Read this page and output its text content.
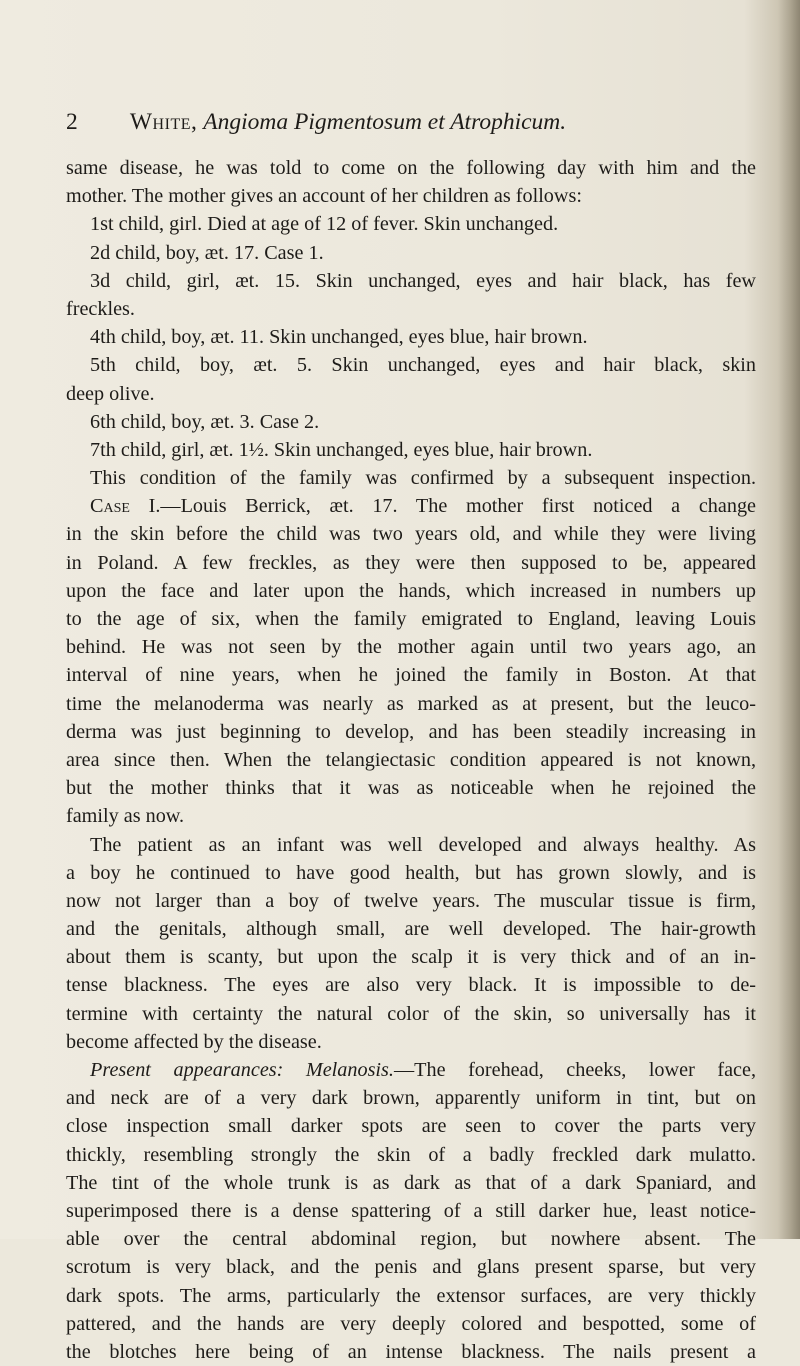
2 White, Angioma Pigmentosum et Atrophicum.
same disease, he was told to come on the following day with him and the
mother. The mother gives an account of her children as follows:
1st child, girl. Died at age of 12 of fever. Skin unchanged.
2d child, boy, æt. 17. Case 1.
3d child, girl, æt. 15. Skin unchanged, eyes and hair black, has few
freckles.
4th child, boy, æt. 11. Skin unchanged, eyes blue, hair brown.
5th child, boy, æt. 5. Skin unchanged, eyes and hair black, skin
deep olive.
6th child, boy, æt. 3. Case 2.
7th child, girl, æt. 1½. Skin unchanged, eyes blue, hair brown.
This condition of the family was confirmed by a subsequent inspection.
Case I.—Louis Berrick, æt. 17. The mother first noticed a change
in the skin before the child was two years old, and while they were living
in Poland. A few freckles, as they were then supposed to be, appeared
upon the face and later upon the hands, which increased in numbers up
to the age of six, when the family emigrated to England, leaving Louis
behind. He was not seen by the mother again until two years ago, an
interval of nine years, when he joined the family in Boston. At that
time the melanoderma was nearly as marked as at present, but the leuco-
derma was just beginning to develop, and has been steadily increasing in
area since then. When the telangiectasic condition appeared is not known,
but the mother thinks that it was as noticeable when he rejoined the
family as now.
The patient as an infant was well developed and always healthy. As
a boy he continued to have good health, but has grown slowly, and is
now not larger than a boy of twelve years. The muscular tissue is firm,
and the genitals, although small, are well developed. The hair-growth
about them is scanty, but upon the scalp it is very thick and of an in-
tense blackness. The eyes are also very black. It is impossible to de-
termine with certainty the natural color of the skin, so universally has it
become affected by the disease.
Present appearances: Melanosis.—The forehead, cheeks, lower face,
and neck are of a very dark brown, apparently uniform in tint, but on
close inspection small darker spots are seen to cover the parts very
thickly, resembling strongly the skin of a badly freckled dark mulatto.
The tint of the whole trunk is as dark as that of a dark Spaniard, and
superimposed there is a dense spattering of a still darker hue, least notice-
able over the central abdominal region, but nowhere absent. The
scrotum is very black, and the penis and glans present sparse, but very
dark spots. The arms, particularly the extensor surfaces, are very thickly
pattered, and the hands are very deeply colored and bespotted, some of
the blotches here being of an intense blackness. The nails present a
